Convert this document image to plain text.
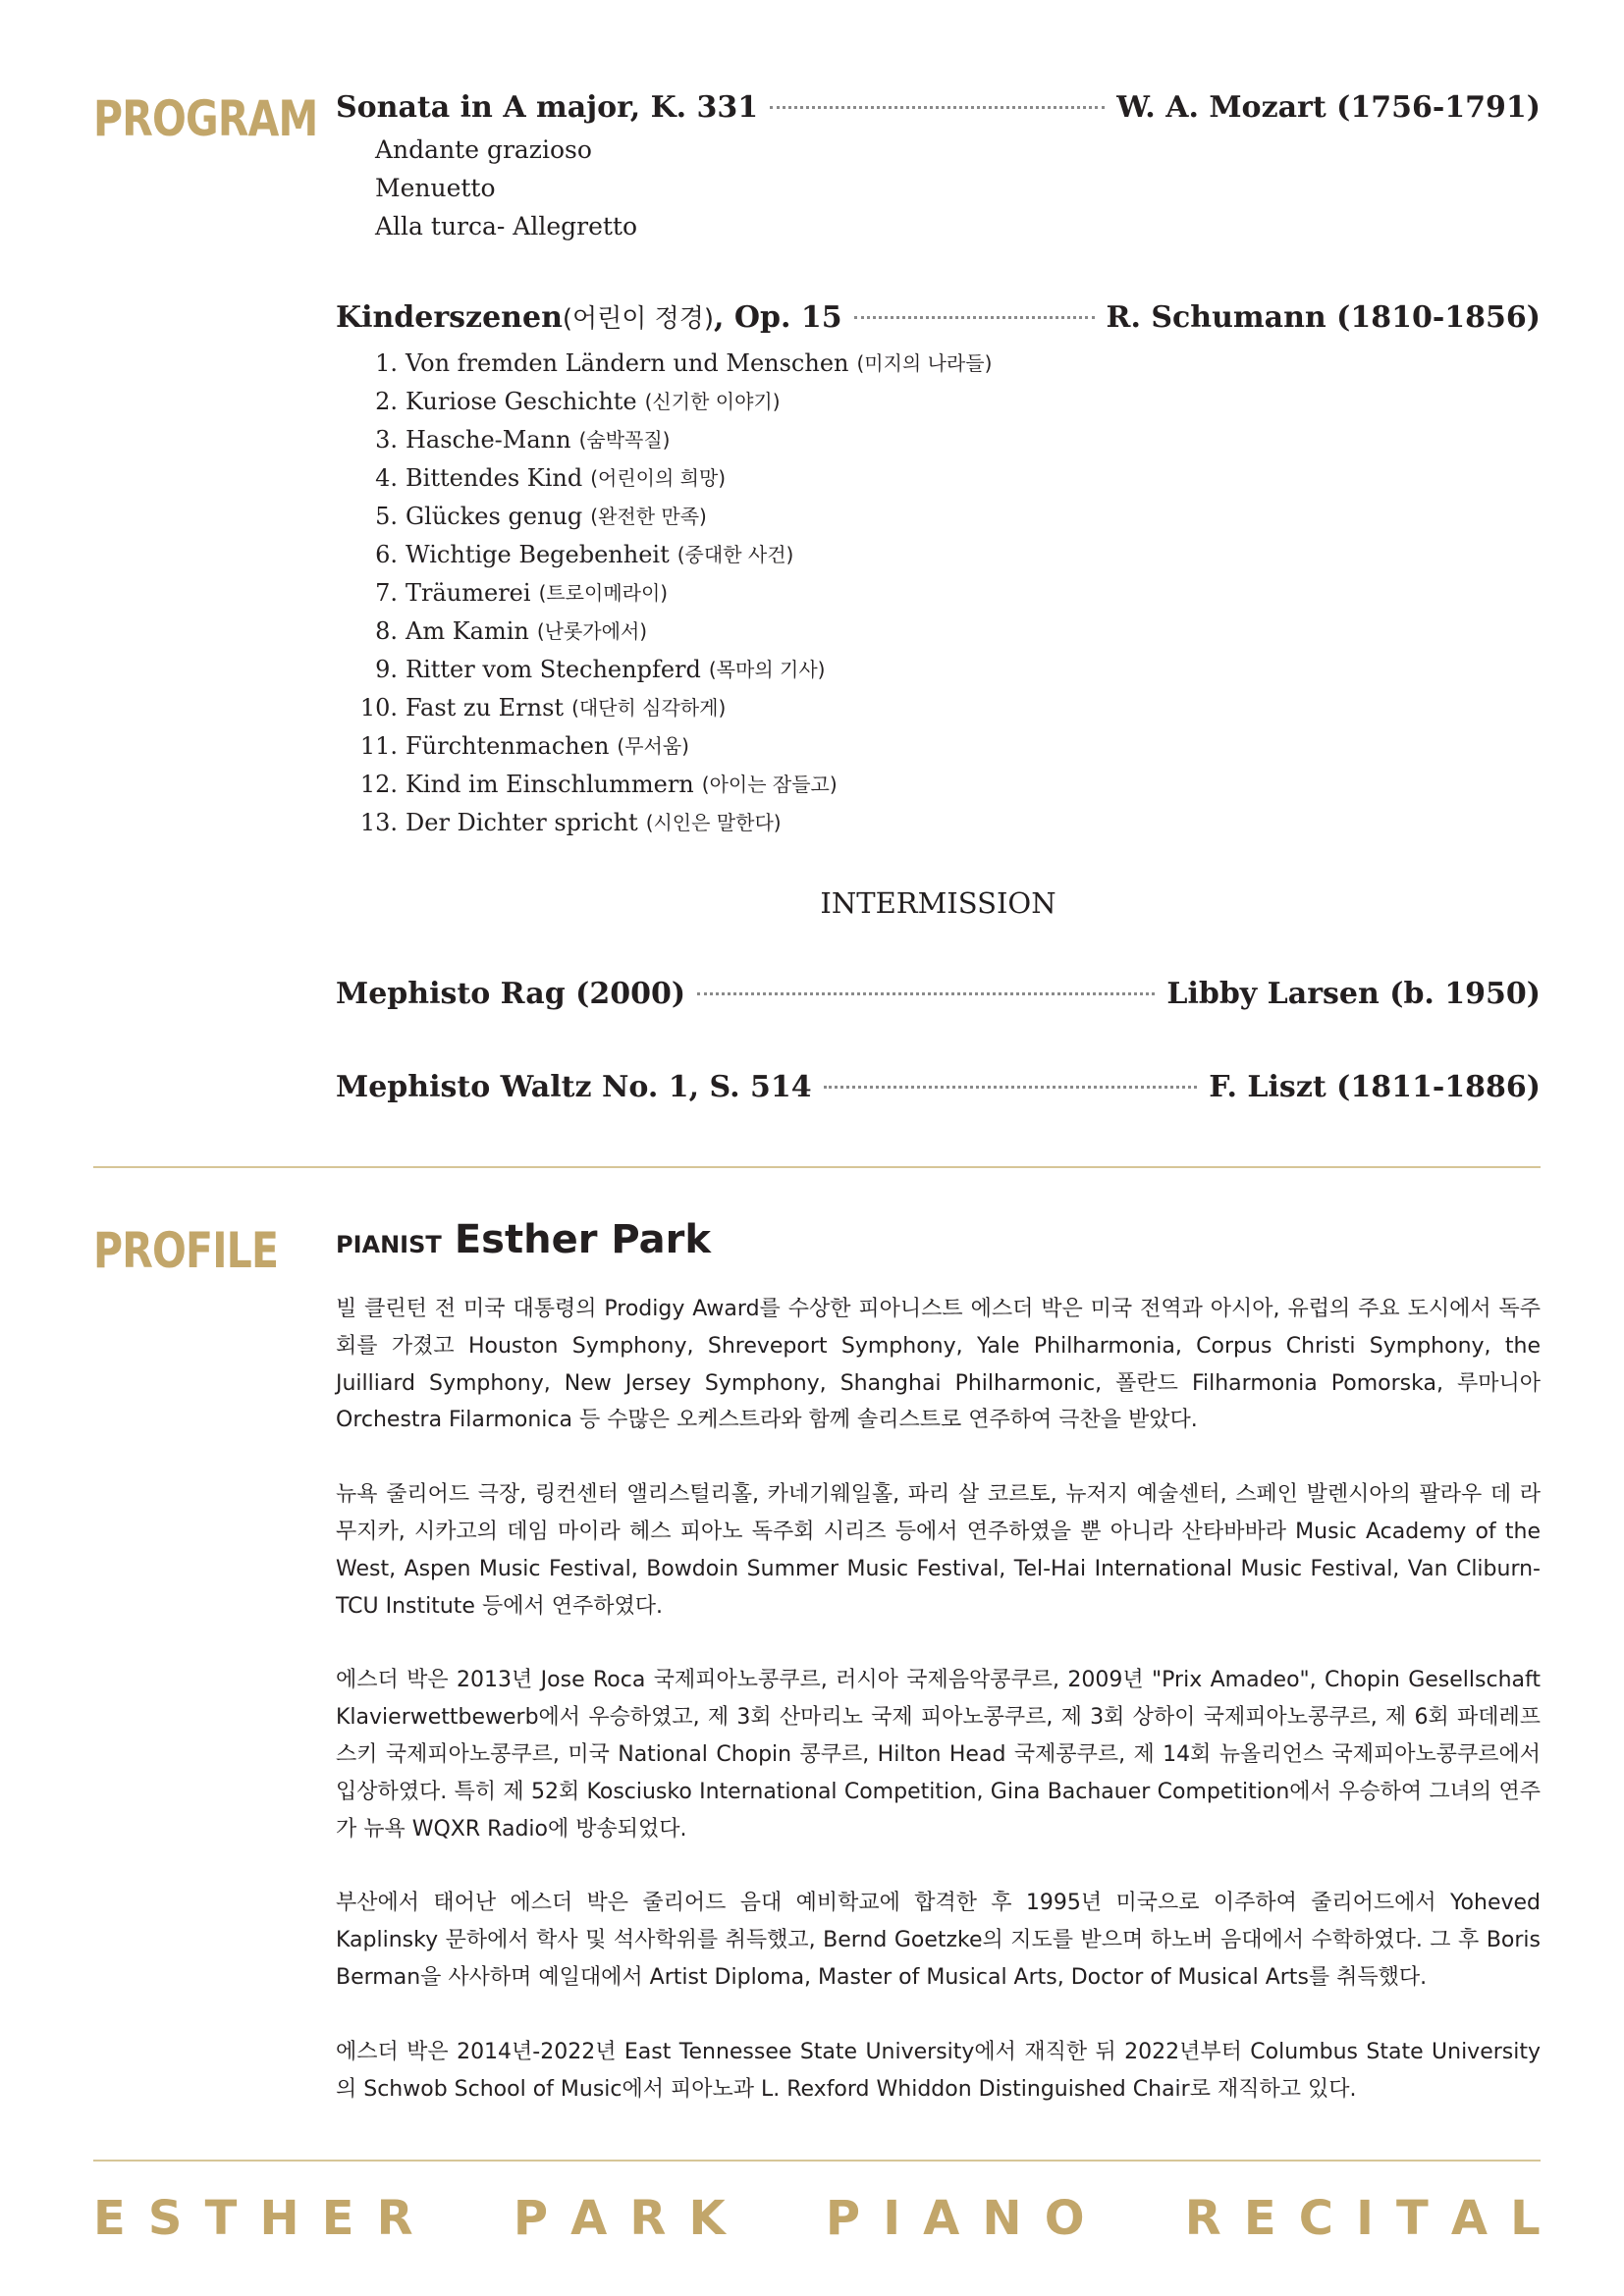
PROGRAM Sonata in A major, K. 331	W. A. Mozart (1756-1791)
Andante grazioso
Menuetto
Alla turca- Allegretto
Kinderszenen(어린이 정경), Op. 15	R. Schumann (1810-1856)
1. Von fremden Ländern und Menschen (미지의 나라들)
2. Kuriose Geschichte (신기한 이야기)
3. Hasche-Mann (숨박꼭질)
4. Bittendes Kind (어린이의 희망)
5. Glückes genug (완전한 만족)
6. Wichtige Begebenheit (중대한 사건)
7. Träumerei (트로이메라이)
8. Am Kamin (난롯가에서)
9. Ritter vom Stechenpferd (목마의 기사)
10. Fast zu Ernst (대단히 심각하게)
11. Fürchtenmachen (무서움)
12. Kind im Einschlummern (아이는 잠들고)
13. Der Dichter spricht (시인은 말한다)
INTERMISSION
Mephisto Rag (2000)	Libby Larsen (b. 1950)
Mephisto Waltz No. 1, S. 514	F. Liszt (1811-1886)
PROFILE PIANIST Esther Park

빌 클린턴 전 미국 대통령의 Prodigy Award를 수상한 피아니스트 에스더 박은 미국 전역과 아시아, 유럽의 주요 도시에서 독주회를 가졌고 Houston Symphony, Shreveport Symphony, Yale Philharmonia, Corpus Christi Symphony, the Juilliard Symphony, New Jersey Symphony, Shanghai Philharmonic, 폴란드 Filharmonia Pomorska, 루마니아 Orchestra Filarmonica 등 수많은 오케스트라와 함께 솔리스트로 연주하여 극찬을 받았다.

뉴욕 줄리어드 극장, 링컨센터 앨리스털리홀, 카네기웨일홀, 파리 살 코르토, 뉴저지 예술센터, 스페인 발렌시아의 팔라우 데 라 무지카, 시카고의 데임 마이라 헤스 피아노 독주회 시리즈 등에서 연주하였을 뿐 아니라 산타바바라 Music Academy of the West, Aspen Music Festival, Bowdoin Summer Music Festival, Tel-Hai International Music Festival, Van Cliburn-TCU Institute 등에서 연주하였다.

에스더 박은 2013년 Jose Roca 국제피아노콩쿠르, 러시아 국제음악콩쿠르, 2009년 "Prix Amadeo", Chopin Gesellschaft Klavierwettbewerb에서 우승하였고, 제 3회 산마리노 국제 피아노콩쿠르, 제 3회 상하이 국제피아노콩쿠르, 제 6회 파데레프스키 국제피아노콩쿠르, 미국 National Chopin 콩쿠르, Hilton Head 국제콩쿠르, 제 14회 뉴올리언스 국제피아노콩쿠르에서 입상하였다. 특히 제 52회 Kosciusko International Competition, Gina Bachauer Competition에서 우승하여 그녀의 연주가 뉴욕 WQXR Radio에 방송되었다.

부산에서 태어난 에스더 박은 줄리어드 음대 예비학교에 합격한 후 1995년 미국으로 이주하여 줄리어드에서 Yoheved Kaplinsky 문하에서 학사 및 석사학위를 취득했고, Bernd Goetzke의 지도를 받으며 하노버 음대에서 수학하였다. 그 후 Boris Berman을 사사하며 예일대에서 Artist Diploma, Master of Musical Arts, Doctor of Musical Arts를 취득했다.

에스더 박은 2014년-2022년 East Tennessee State University에서 재직한 뒤 2022년부터 Columbus State University의 Schwob School of Music에서 피아노과 L. Rexford Whiddon Distinguished Chair로 재직하고 있다.

E S T H E R P A R K P I A N O R E C I T A L
